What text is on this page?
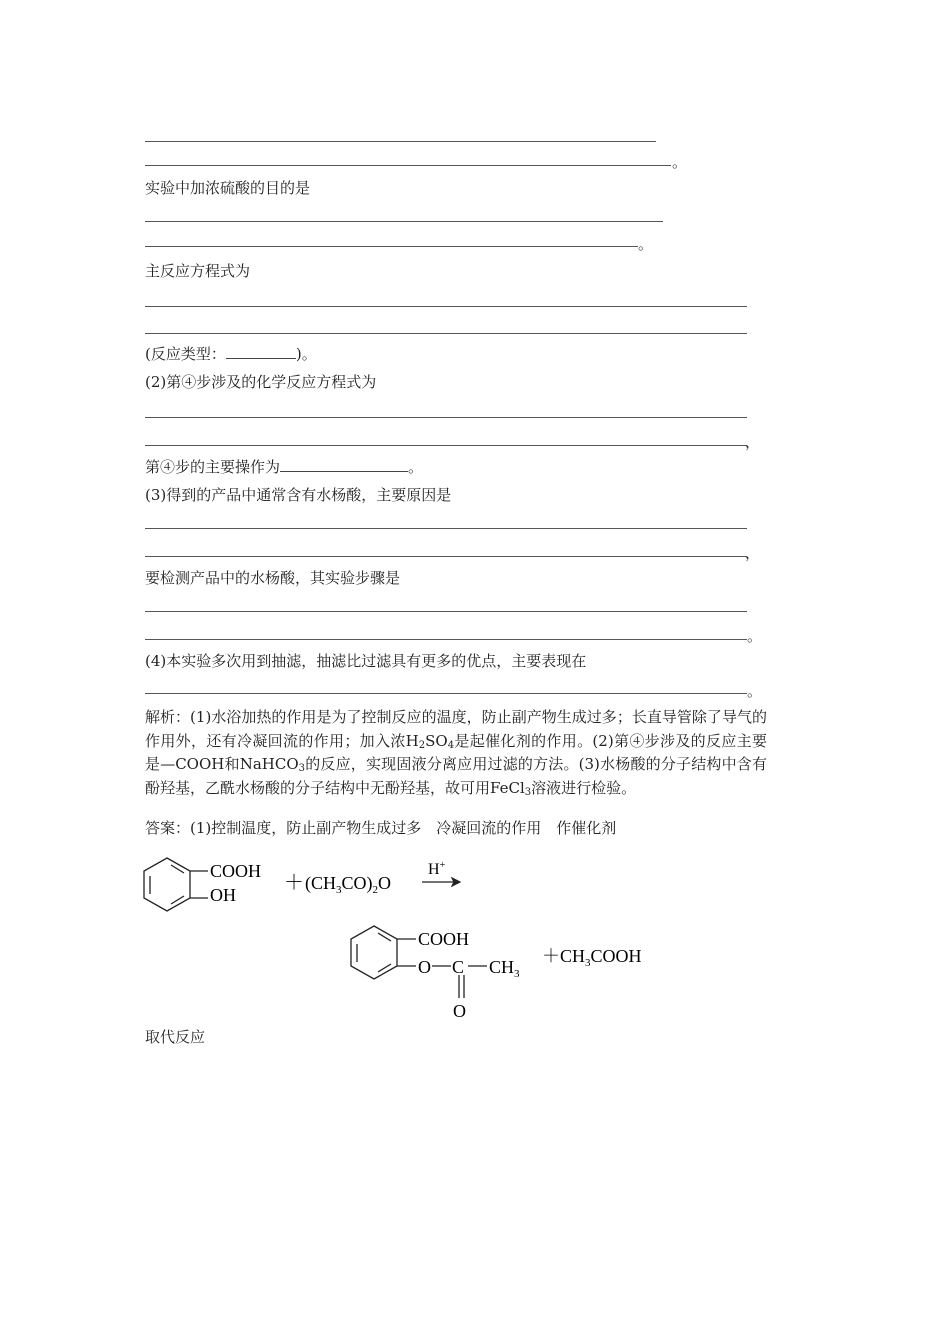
。
实验中加浓硫酸的目的是
。
主反应方程式为
(反应类型：	)。
(2)第④步涉及的化学反应方程式为
，
第④步的主要操作为	。
(3)得到的产品中通常含有水杨酸，主要原因是
，
要检测产品中的水杨酸，其实验步骤是
。
(4)本实验多次用到抽滤，抽滤比过滤具有更多的优点，主要表现在
。
解析：(1)水浴加热的作用是为了控制反应的温度，防止副产物生成过多；长直导管除了导气的作用外，还有冷凝回流的作用；加入浓$H_2SO_4$是起催化剂的作用。(2)第④步涉及的反应主要是—COOH和NaHCO$_3$的反应，实现固液分离应用过滤的方法。(3)水杨酸的分子结构中含有酚羟基，乙酰水杨酸的分子结构中无酚羟基，故可用FeCl$_3$溶液进行检验。
答案：(1)控制温度，防止副产物生成过多　冷凝回流的作用　作催化剂
COOH
OH
＋ $(CH_3CO)_2O$
H+
COOH
O C $CH_3$
O
$+CH_3COOH$
取代反应
